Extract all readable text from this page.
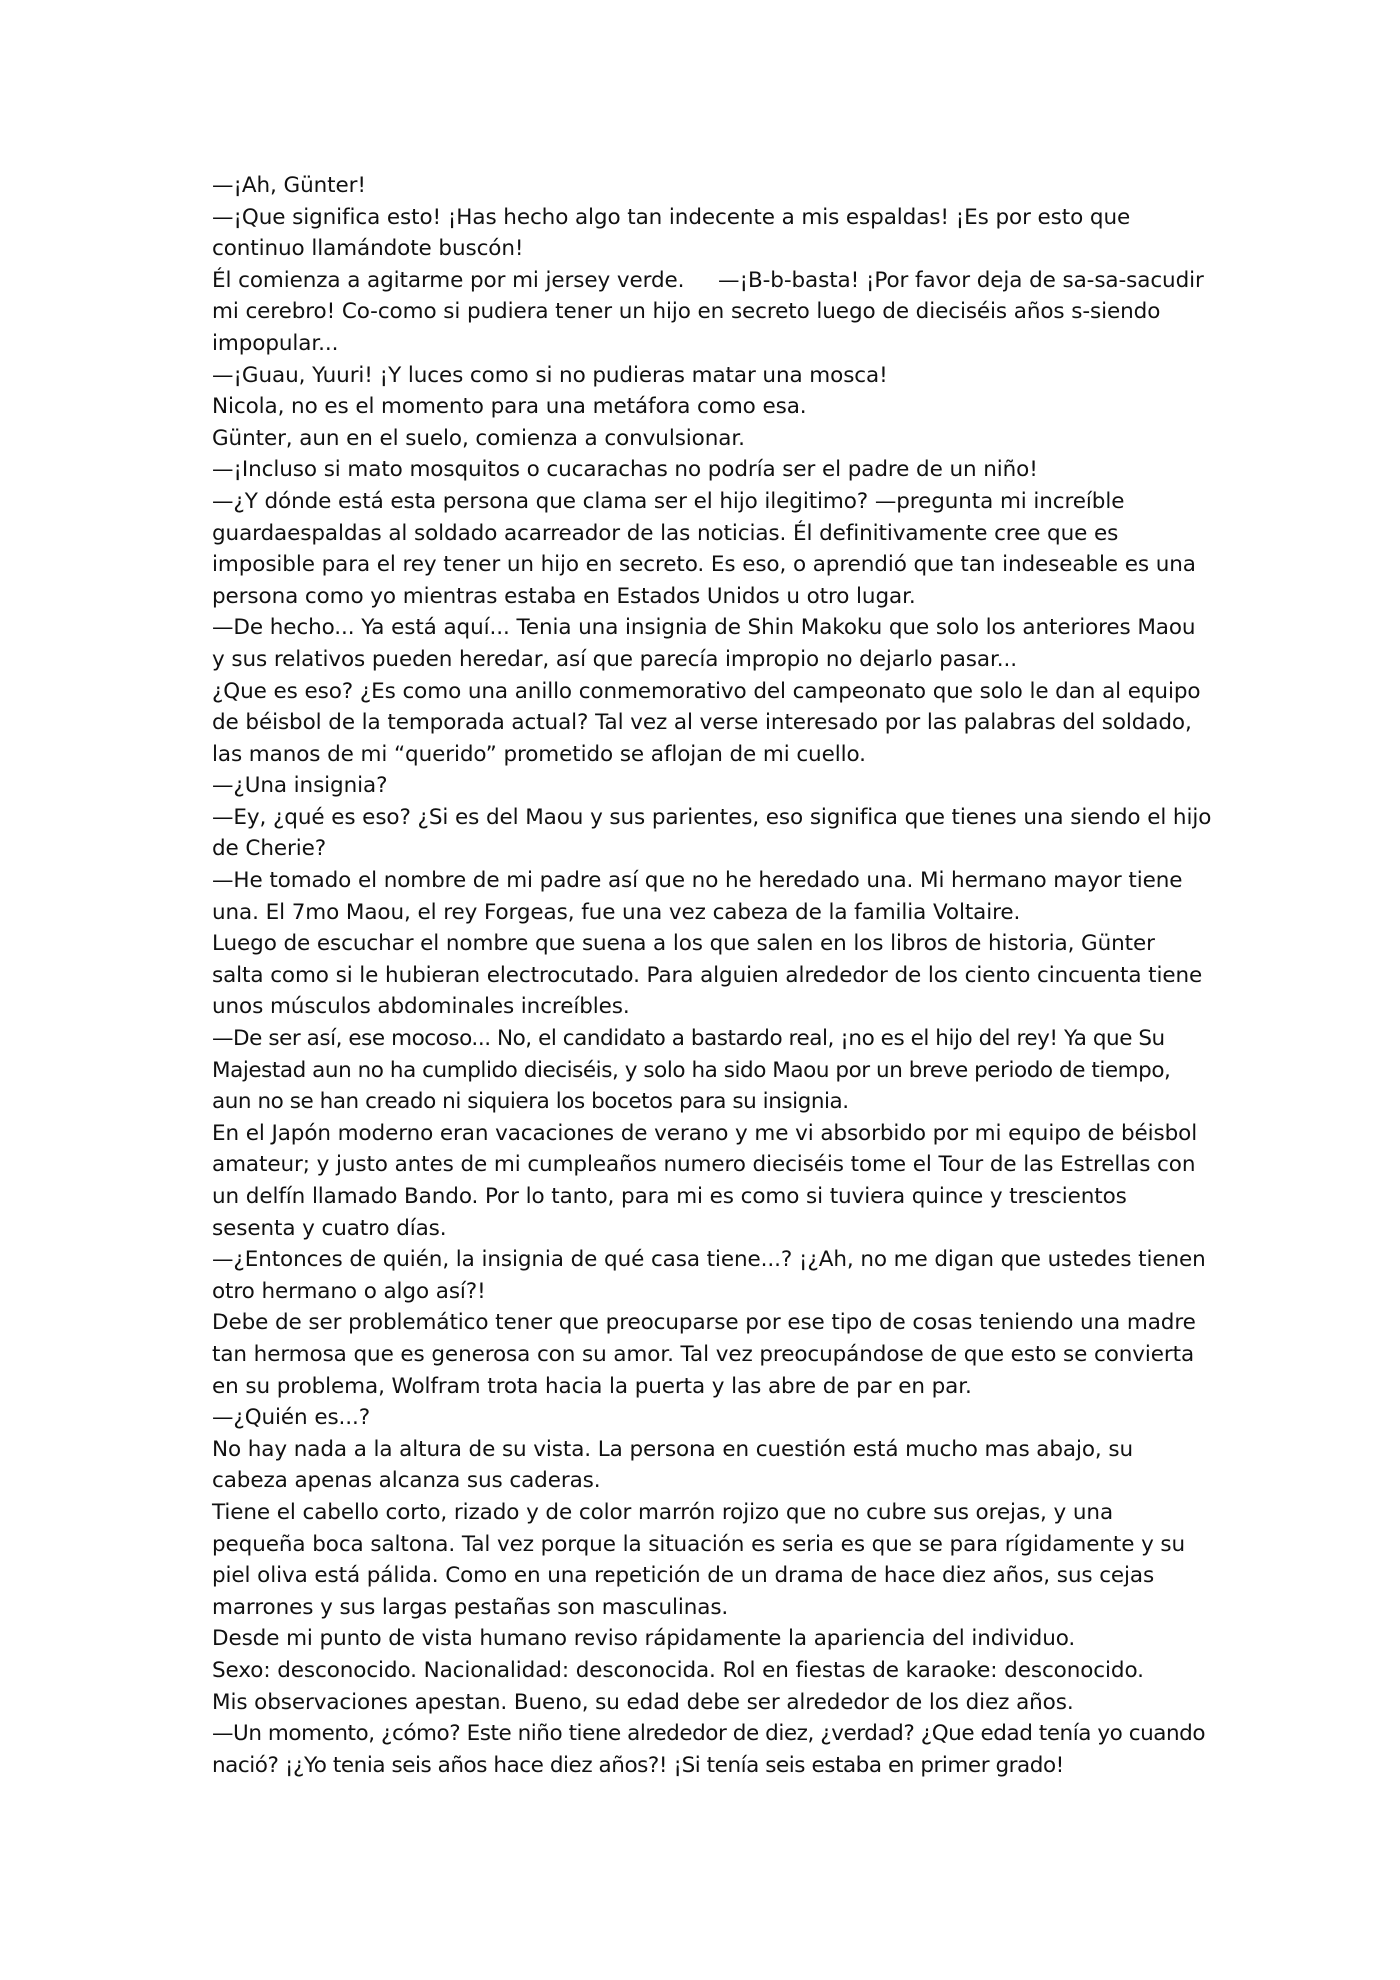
—¡Ah, Günter!

—¡Que significa esto! ¡Has hecho algo tan indecente a mis espaldas! ¡Es por esto que continuo llamándote buscón!

Él comienza a agitarme por mi jersey verde.     —¡B-b-basta! ¡Por favor deja de sa-sa-sacudir mi cerebro! Co-como si pudiera tener un hijo en secreto luego de dieciséis años s-siendo impopular...

—¡Guau, Yuuri! ¡Y luces como si no pudieras matar una mosca!

Nicola, no es el momento para una metáfora como esa.

Günter, aun en el suelo, comienza a convulsionar.

—¡Incluso si mato mosquitos o cucarachas no podría ser el padre de un niño!

—¿Y dónde está esta persona que clama ser el hijo ilegitimo? —pregunta mi increíble guardaespaldas al soldado acarreador de las noticias. Él definitivamente cree que es imposible para el rey tener un hijo en secreto. Es eso, o aprendió que tan indeseable es una persona como yo mientras estaba en Estados Unidos u otro lugar.

—De hecho... Ya está aquí... Tenia una insignia de Shin Makoku que solo los anteriores Maou y sus relativos pueden heredar, así que parecía impropio no dejarlo pasar...

¿Que es eso? ¿Es como una anillo conmemorativo del campeonato que solo le dan al equipo de béisbol de la temporada actual? Tal vez al verse interesado por las palabras del soldado, las manos de mi “querido” prometido se aflojan de mi cuello.

—¿Una insignia?

—Ey, ¿qué es eso? ¿Si es del Maou y sus parientes, eso significa que tienes una siendo el hijo de Cherie?

—He tomado el nombre de mi padre así que no he heredado una. Mi hermano mayor tiene una. El 7mo Maou, el rey Forgeas, fue una vez cabeza de la familia Voltaire.

Luego de escuchar el nombre que suena a los que salen en los libros de historia, Günter salta como si le hubieran electrocutado. Para alguien alrededor de los ciento cincuenta tiene unos músculos abdominales increíbles.

—De ser así, ese mocoso... No, el candidato a bastardo real, ¡no es el hijo del rey! Ya que Su Majestad aun no ha cumplido dieciséis, y solo ha sido Maou por un breve periodo de tiempo, aun no se han creado ni siquiera los bocetos para su insignia.

En el Japón moderno eran vacaciones de verano y me vi absorbido por mi equipo de béisbol amateur; y justo antes de mi cumpleaños numero dieciséis tome el Tour de las Estrellas con un delfín llamado Bando. Por lo tanto, para mi es como si tuviera quince y trescientos sesenta y cuatro días.

—¿Entonces de quién, la insignia de qué casa tiene...? ¡¿Ah, no me digan que ustedes tienen otro hermano o algo así?!

Debe de ser problemático tener que preocuparse por ese tipo de cosas teniendo una madre tan hermosa que es generosa con su amor. Tal vez preocupándose de que esto se convierta en su problema, Wolfram trota hacia la puerta y las abre de par en par.

—¿Quién es...?

No hay nada a la altura de su vista. La persona en cuestión está mucho mas abajo, su cabeza apenas alcanza sus caderas.

Tiene el cabello corto, rizado y de color marrón rojizo que no cubre sus orejas, y una pequeña boca saltona. Tal vez porque la situación es seria es que se para rígidamente y su piel oliva está pálida. Como en una repetición de un drama de hace diez años, sus cejas marrones y sus largas pestañas son masculinas.

Desde mi punto de vista humano reviso rápidamente la apariencia del individuo.

Sexo: desconocido. Nacionalidad: desconocida. Rol en fiestas de karaoke: desconocido.

Mis observaciones apestan. Bueno, su edad debe ser alrededor de los diez años.

—Un momento, ¿cómo? Este niño tiene alrededor de diez, ¿verdad? ¿Que edad tenía yo cuando nació? ¡¿Yo tenia seis años hace diez años?! ¡Si tenía seis estaba en primer grado!
